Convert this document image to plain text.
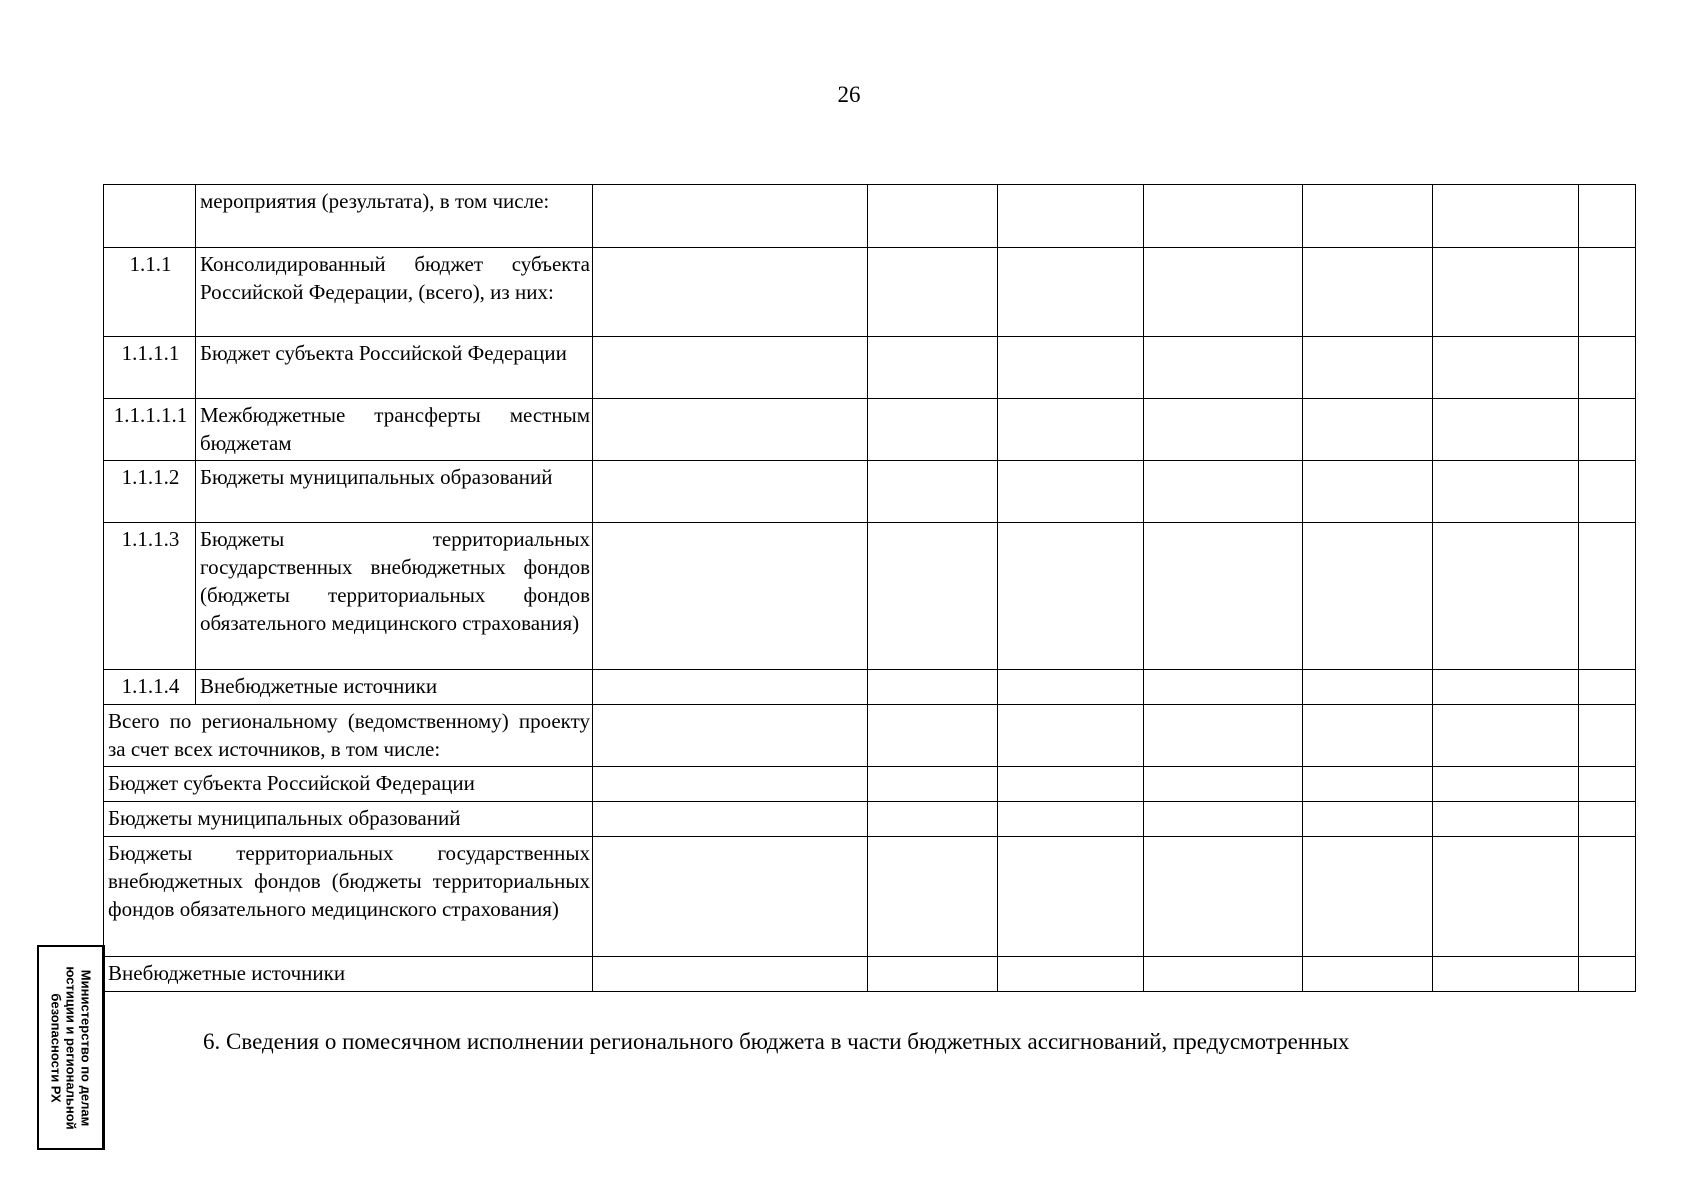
26
	мероприятия (результата), в том числе:							
1.1.1	Консолидированный бюджет субъекта Российской Федерации, (всего), из них:							
1.1.1.1	Бюджет субъекта Российской Федерации							
1.1.1.1.1	Межбюджетные трансферты местным бюджетам							
1.1.1.2	Бюджеты муниципальных образований							
1.1.1.3	Бюджеты территориальных государственных внебюджетных фондов (бюджеты территориальных фондов обязательного медицинского страхования)							
1.1.1.4	Внебюджетные источники							
Всего по региональному (ведомственному) проекту за счет всех источников, в том числе:								
Бюджет субъекта Российской Федерации								
Бюджеты муниципальных образований								
Бюджеты территориальных государственных внебюджетных фондов (бюджеты территориальных фондов обязательного медицинского страхования)								
Внебюджетные источники								
6. Сведения о помесячном исполнении регионального бюджета в части бюджетных ассигнований, предусмотренных
Министерство по делам
юстиции и региональной
безопасности РХ
